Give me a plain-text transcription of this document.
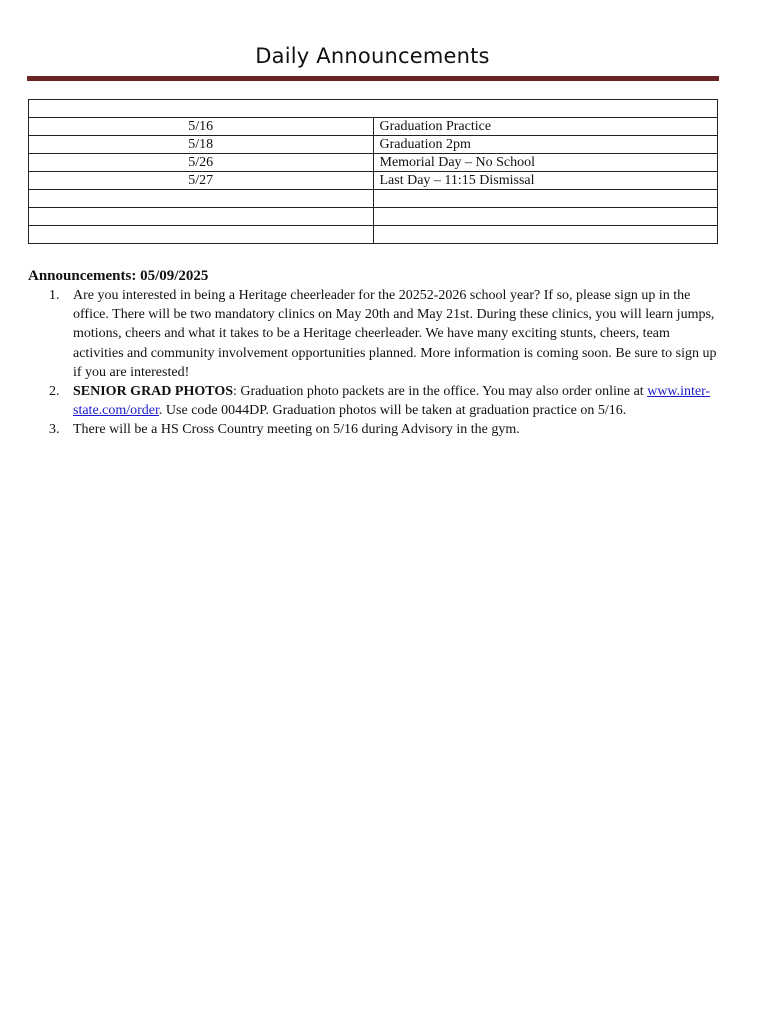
Daily Announcements

5/16	Graduation Practice
5/18	Graduation 2pm
5/26	Memorial Day – No School
5/27	Last Day – 11:15 Dismissal

Announcements: 05/09/2025
1. Are you interested in being a Heritage cheerleader for the 20252-2026 school year? If so, please sign up in the office. There will be two mandatory clinics on May 20th and May 21st. During these clinics, you will learn jumps, motions, cheers and what it takes to be a Heritage cheerleader. We have many exciting stunts, cheers, team activities and community involvement opportunities planned. More information is coming soon. Be sure to sign up if you are interested!
2. SENIOR GRAD PHOTOS: Graduation photo packets are in the office. You may also order online at www.inter-state.com/order. Use code 0044DP. Graduation photos will be taken at graduation practice on 5/16.
3. There will be a HS Cross Country meeting on 5/16 during Advisory in the gym.
